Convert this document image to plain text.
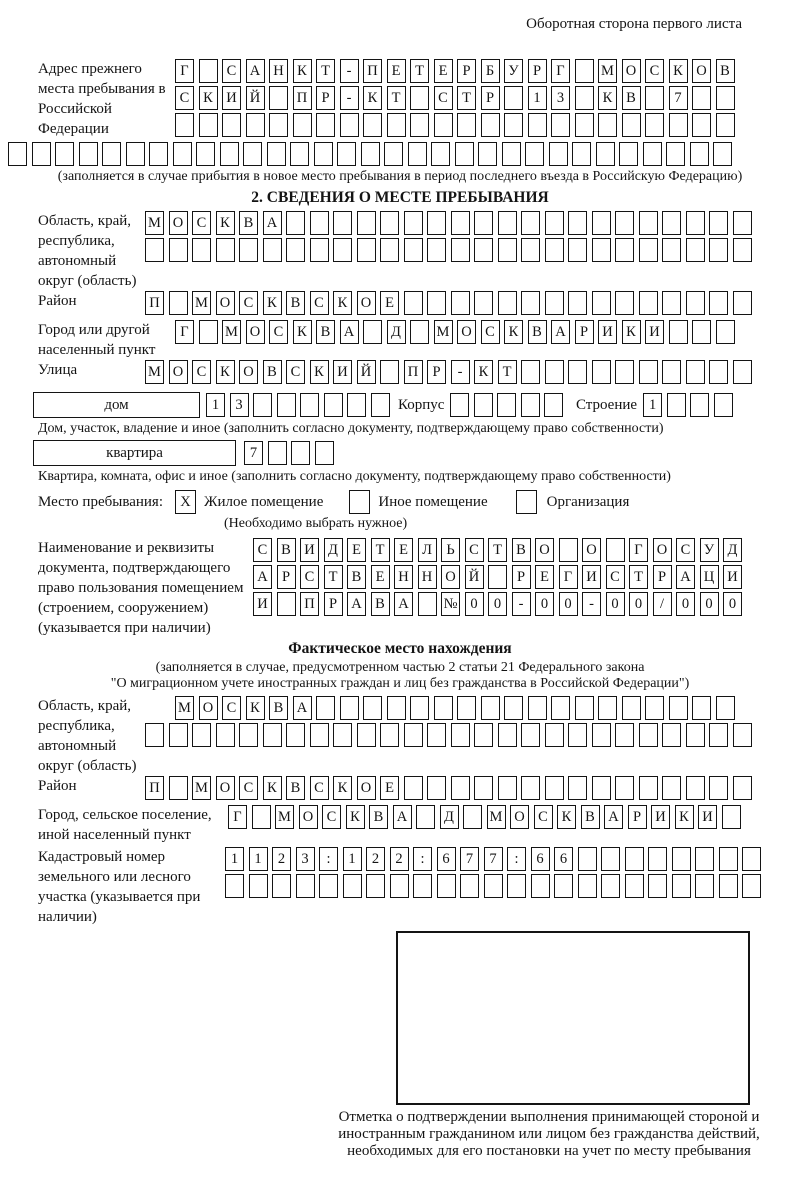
Оборотная сторона первого листа
Адрес прежнего места пребывания в Российской Федерации
Г	С А Н К Т	-	П Е	Т	Е	Р	Б У Р	Г	М О С К О В
С К И Й	П Р	-	К Т	С Т	Р	1	3	К В	7
(заполняется в случае прибытия в новое место пребывания в период последнего въезда в Российскую Федерацию)
2. СВЕДЕНИЯ О МЕСТЕ ПРЕБЫВАНИЯ
Область, край, республика, автономный округ (область)
М О С К В А
Район	П М О С К В С К О Е
Город или другой населенный пункт
Г	М О С К В А	Д	М О С К В А Р И К И
Улица	М О С К О В С К И Й	П Р	-	К Т
дом	1	3	Корпус	Строение 1
Дом, участок, владение и иное (заполнить согласно документу, подтверждающему право собственности)
квартира	7
Квартира, комната, офис и иное (заполнить согласно документу, подтверждающему право собственности)
Место пребывания:	X Жилое помещение	Иное помещение	Организация
(Необходимо выбрать нужное)
Наименование и реквизиты документа, подтверждающего право пользования помещением (строением, сооружением) (указывается при наличии)
С В И Д Е	Т	Е Л Ь	С Т В О	О	Г О С У Д
А Р	С Т В Е Н Н О Й	Р	Е	Г И С Т	Р А Ц И
И	П Р А В А № 0	0	-	0	0	-	0	0	/	0	0	0
Фактическое место нахождения
(заполняется в случае, предусмотренном частью 2 статьи 21 Федерального закона
"О миграционном учете иностранных граждан и лиц без гражданства в Российской Федерации")
Область, край, республика, автономный округ (область)
М О С К В А
Район	П М О С К В С К О Е
Город, сельское поселение, иной населенный пункт
Г	М О С К В А	Д	М О С К В А Р И К И
Кадастровый номер земельного или лесного участка (указывается при наличии)
1	1	2	3	:	1	2	2	:	6	7	7	:	6	6
Отметка о подтверждении выполнения принимающей стороной и иностранным гражданином или лицом без гражданства действий, необходимых для его постановки на учет по месту пребывания
